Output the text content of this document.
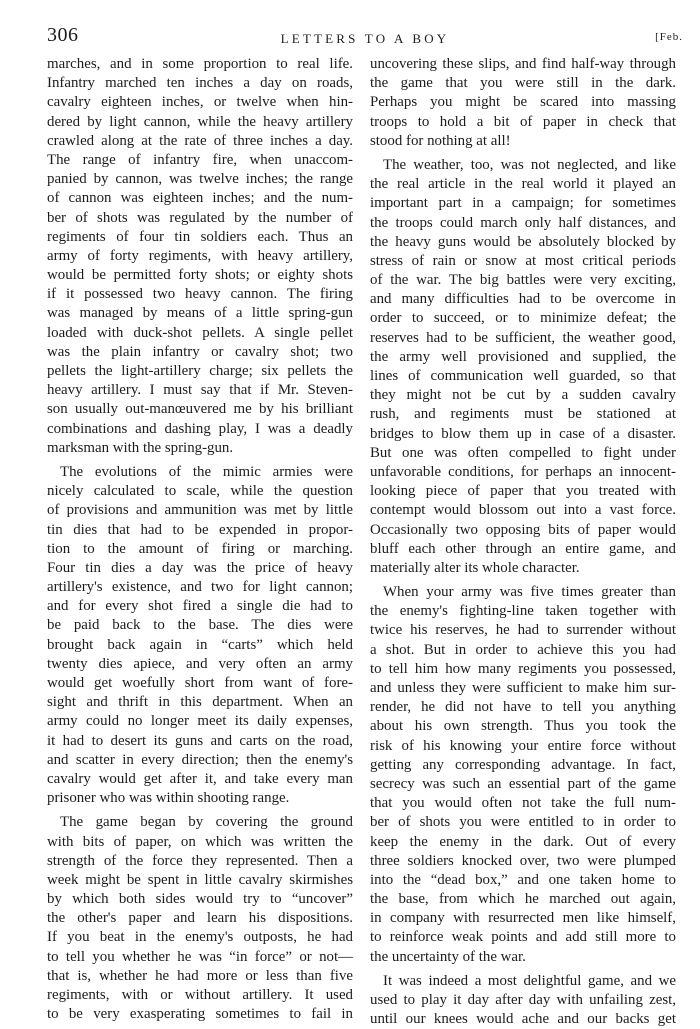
306	LETTERS TO A BOY	[Feb.
marches, and in some proportion to real life.
Infantry marched ten inches a day on roads,
cavalry eighteen inches, or twelve when hin-
dered by light cannon, while the heavy artillery
crawled along at the rate of three inches a day.
The range of infantry fire, when unaccom-
panied by cannon, was twelve inches; the range
of cannon was eighteen inches; and the num-
ber of shots was regulated by the number of
regiments of four tin soldiers each. Thus an
army of forty regiments, with heavy artillery,
would be permitted forty shots; or eighty shots
if it possessed two heavy cannon. The firing
was managed by means of a little spring-gun
loaded with duck-shot pellets. A single pellet
was the plain infantry or cavalry shot; two
pellets the light-artillery charge; six pellets the
heavy artillery. I must say that if Mr. Steven-
son usually out-manœuvered me by his brilliant
combinations and dashing play, I was a deadly
marksman with the spring-gun.
The evolutions of the mimic armies were
nicely calculated to scale, while the question
of provisions and ammunition was met by little
tin dies that had to be expended in propor-
tion to the amount of firing or marching.
Four tin dies a day was the price of heavy
artillery's existence, and two for light cannon;
and for every shot fired a single die had to
be paid back to the base. The dies were
brought back again in “carts” which held
twenty dies apiece, and very often an army
would get woefully short from want of fore-
sight and thrift in this department. When an
army could no longer meet its daily expenses,
it had to desert its guns and carts on the road,
and scatter in every direction; then the enemy's
cavalry would get after it, and take every man
prisoner who was within shooting range.
The game began by covering the ground
with bits of paper, on which was written the
strength of the force they represented. Then a
week might be spent in little cavalry skirmishes
by which both sides would try to “uncover”
the other's paper and learn his dispositions.
If you beat in the enemy's outposts, he had
to tell you whether he was “in force” or not—
that is, whether he had more or less than five
regiments, with or without artillery. It used
to be very exasperating sometimes to fail in
uncovering these slips, and find half-way through
the game that you were still in the dark.
Perhaps you might be scared into massing
troops to hold a bit of paper in check that
stood for nothing at all!
The weather, too, was not neglected, and like
the real article in the real world it played an
important part in a campaign; for sometimes
the troops could march only half distances, and
the heavy guns would be absolutely blocked by
stress of rain or snow at most critical periods
of the war. The big battles were very exciting,
and many difficulties had to be overcome in
order to succeed, or to minimize defeat; the
reserves had to be sufficient, the weather good,
the army well provisioned and supplied, the
lines of communication well guarded, so that
they might not be cut by a sudden cavalry
rush, and regiments must be stationed at
bridges to blow them up in case of a disaster.
But one was often compelled to fight under
unfavorable conditions, for perhaps an innocent-
looking piece of paper that you treated with
contempt would blossom out into a vast force.
Occasionally two opposing bits of paper would
bluff each other through an entire game, and
materially alter its whole character.
When your army was five times greater than
the enemy's fighting-line taken together with
twice his reserves, he had to surrender without
a shot. But in order to achieve this you had
to tell him how many regiments you possessed,
and unless they were sufficient to make him sur-
render, he did not have to tell you anything
about his own strength. Thus you took the
risk of his knowing your entire force without
getting any corresponding advantage. In fact,
secrecy was such an essential part of the game
that you would often not take the full num-
ber of shots you were entitled to in order to
keep the enemy in the dark. Out of every
three soldiers knocked over, two were plumped
into the “dead box,” and one taken home to
the base, from which he marched out again,
in company with resurrected men like himself,
to reinforce weak points and add still more to
the uncertainty of the war.
It was indeed a most delightful game, and we
used to play it day after day with unfailing zest,
until our knees would ache and our backs get
